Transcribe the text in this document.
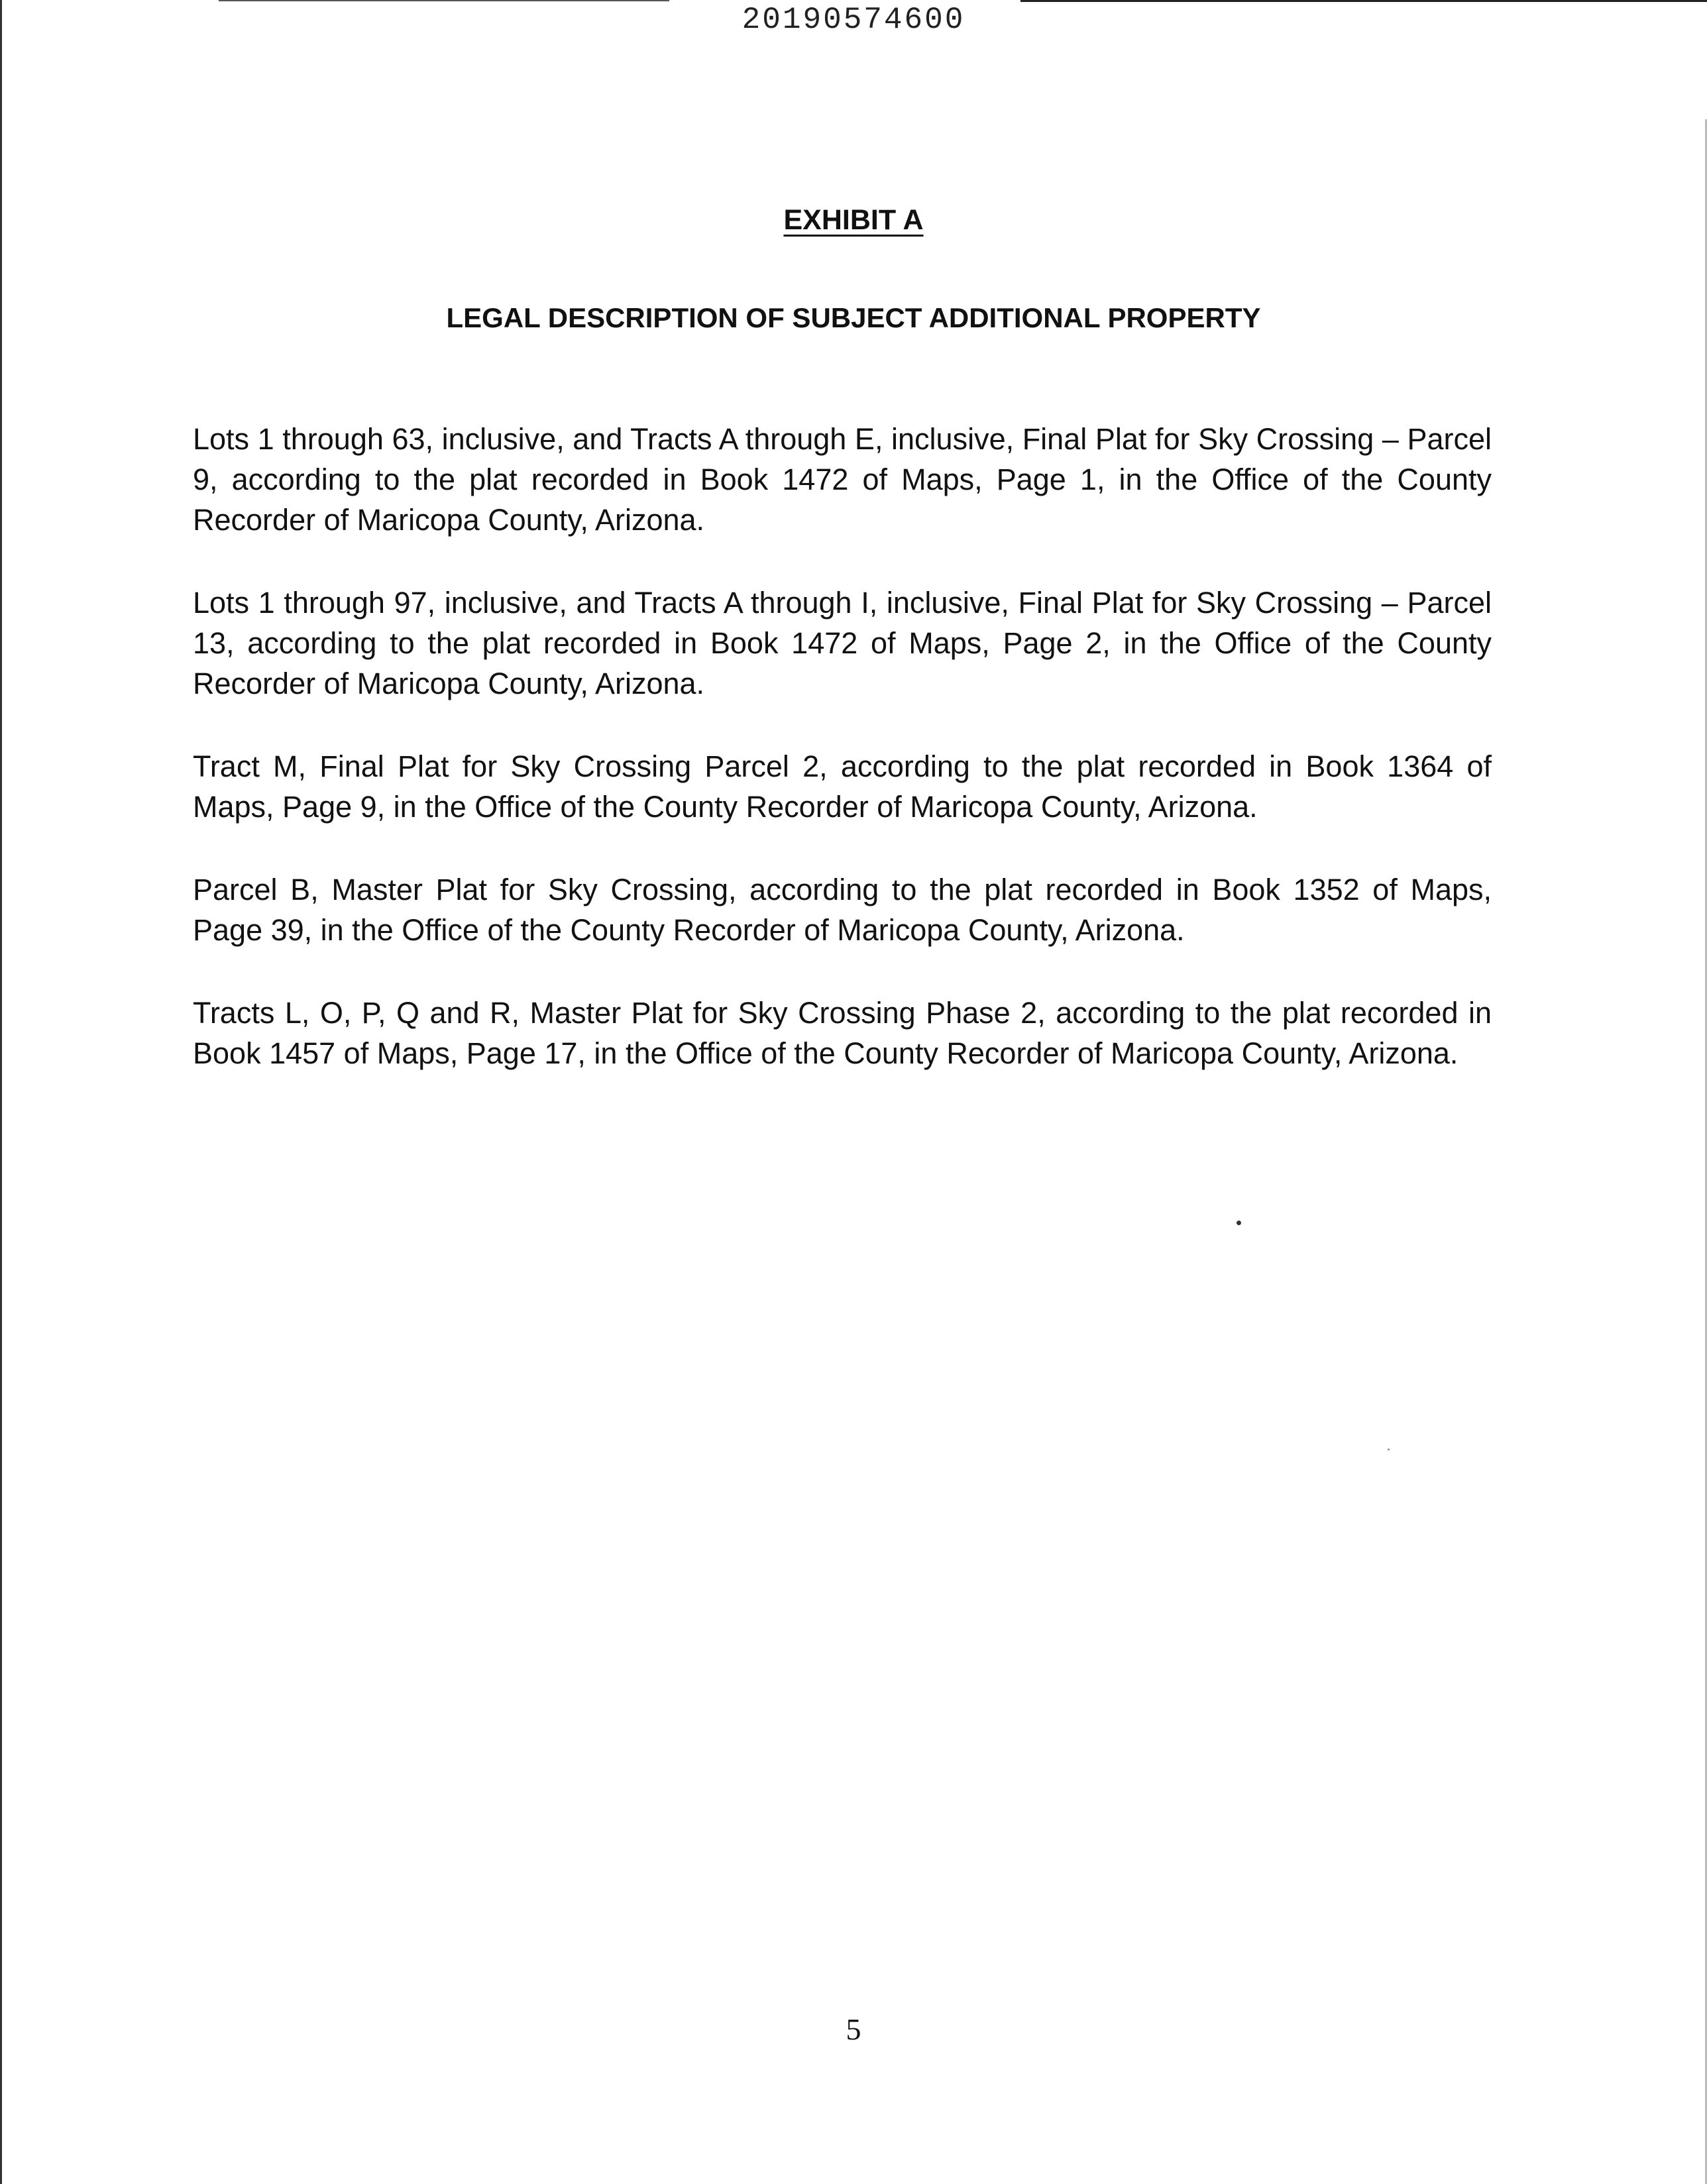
20190574600
EXHIBIT A
LEGAL DESCRIPTION OF SUBJECT ADDITIONAL PROPERTY

Lots 1 through 63, inclusive, and Tracts A through E, inclusive, Final Plat for Sky Crossing – Parcel 9, according to the plat recorded in Book 1472 of Maps, Page 1, in the Office of the County Recorder of Maricopa County, Arizona.

Lots 1 through 97, inclusive, and Tracts A through I, inclusive, Final Plat for Sky Crossing – Parcel 13, according to the plat recorded in Book 1472 of Maps, Page 2, in the Office of the County Recorder of Maricopa County, Arizona.

Tract M, Final Plat for Sky Crossing Parcel 2, according to the plat recorded in Book 1364 of Maps, Page 9, in the Office of the County Recorder of Maricopa County, Arizona.

Parcel B, Master Plat for Sky Crossing, according to the plat recorded in Book 1352 of Maps, Page 39, in the Office of the County Recorder of Maricopa County, Arizona.

Tracts L, O, P, Q and R, Master Plat for Sky Crossing Phase 2, according to the plat recorded in Book 1457 of Maps, Page 17, in the Office of the County Recorder of Maricopa County, Arizona.

5
